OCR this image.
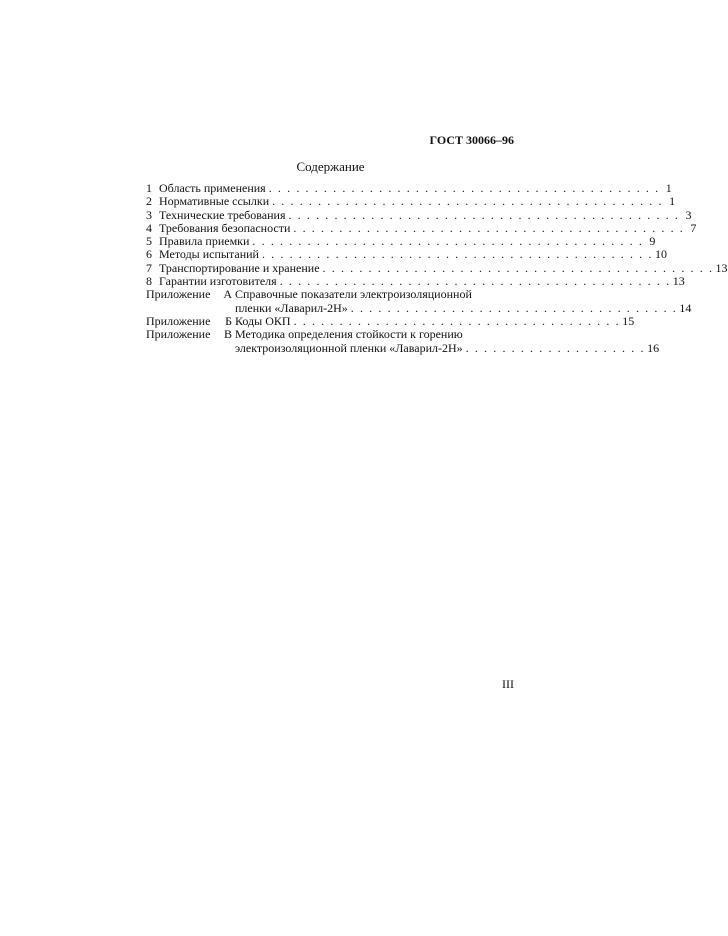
ГОСТ 30066–96
Содержание
1 Область применения . . . . . . . . . . . . . . . . . . . . . . . . . . . . . . . . . . . . . . . . . . . 1
2 Нормативные ссылки . . . . . . . . . . . . . . . . . . . . . . . . . . . . . . . . . . . . . . . . . . . 1
3 Технические требования . . . . . . . . . . . . . . . . . . . . . . . . . . . . . . . . . . . . . . . . . . . 3
4 Требования безопасности . . . . . . . . . . . . . . . . . . . . . . . . . . . . . . . . . . . . . . . . . . . 7
5 Правила приемки . . . . . . . . . . . . . . . . . . . . . . . . . . . . . . . . . . . . . . . . . . . 9
6 Методы испытаний . . . . . . . . . . . . . . . . . . . . . . . . . . . . . . . . . . . . . . . . . . . 10
7 Транспортирование и хранение . . . . . . . . . . . . . . . . . . . . . . . . . . . . . . . . . . . . . . . . . . . 13
8 Гарантии изготовителя . . . . . . . . . . . . . . . . . . . . . . . . . . . . . . . . . . . . . . . . . . . 13
Приложение	А Справочные показатели электроизоляционной
пленки «Лаварил-2Н» . . . . . . . . . . . . . . . . . . . . . . . . . . . . . . . . . . . . 14
Приложение	Б Коды ОКП . . . . . . . . . . . . . . . . . . . . . . . . . . . . . . . . . . . . 15
Приложение	В Методика определения стойкости к горению
электроизоляционной пленки «Лаварил-2Н» . . . . . . . . . . . . . . . . . . . . 16
III
